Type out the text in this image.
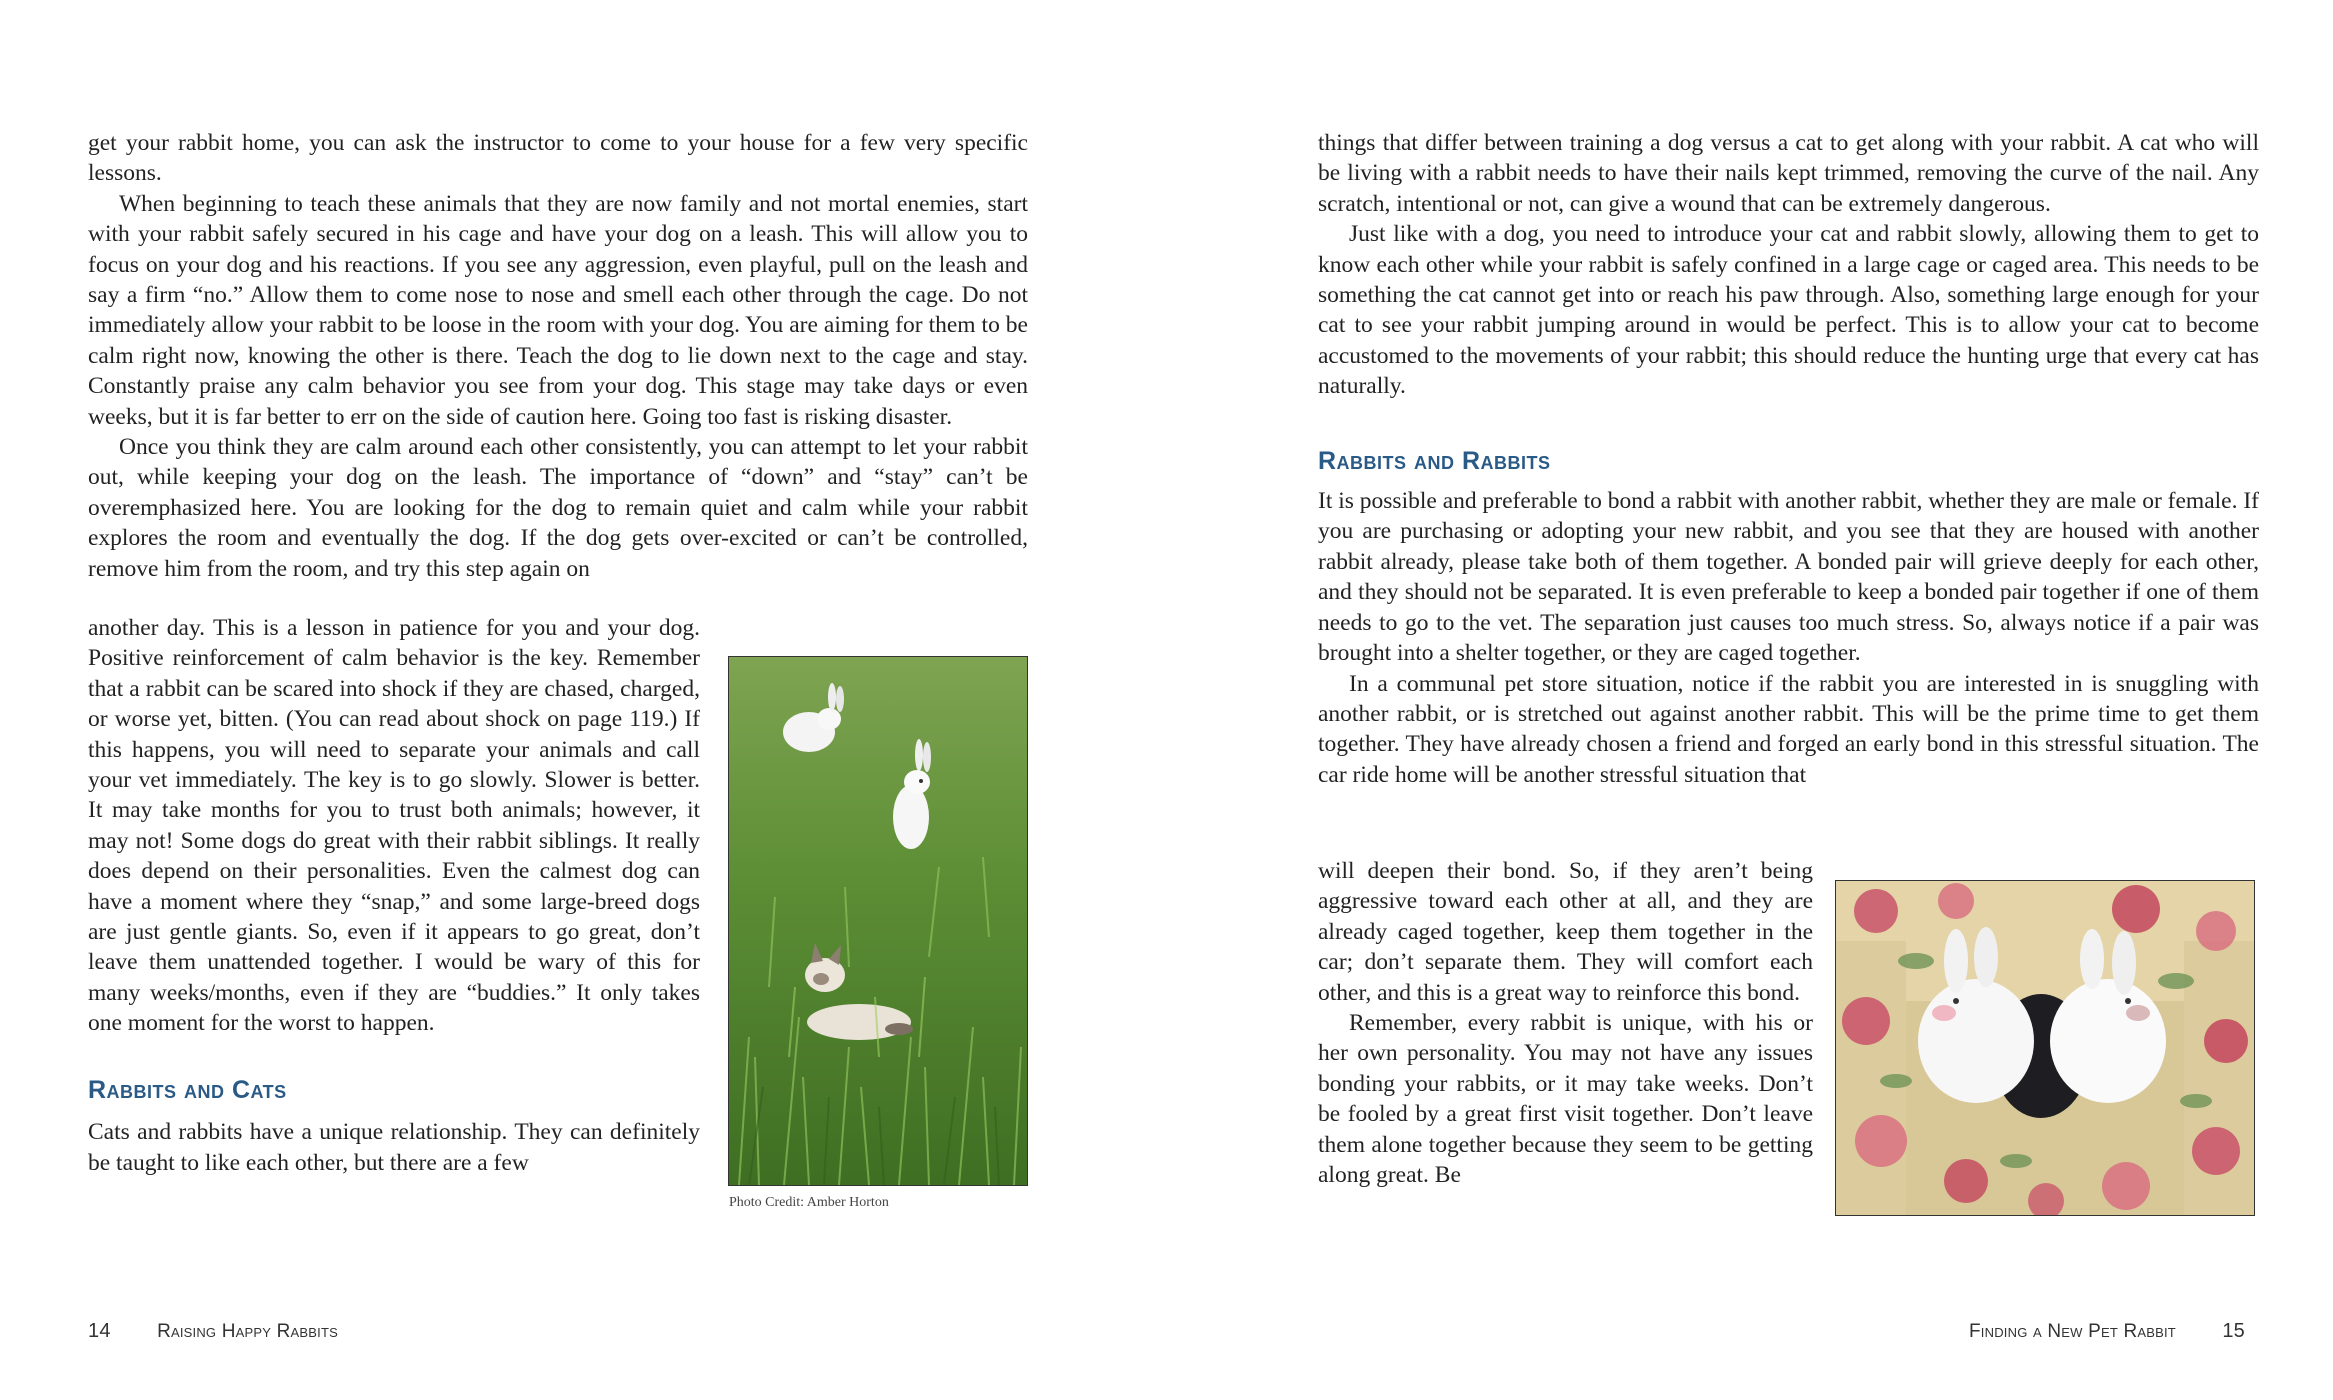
get your rabbit home, you can ask the instructor to come to your house for a few very specific lessons.

When beginning to teach these animals that they are now family and not mortal enemies, start with your rabbit safely secured in his cage and have your dog on a leash. This will allow you to focus on your dog and his reactions. If you see any aggression, even playful, pull on the leash and say a firm “no.” Allow them to come nose to nose and smell each other through the cage. Do not immediately allow your rabbit to be loose in the room with your dog. You are aiming for them to be calm right now, knowing the other is there. Teach the dog to lie down next to the cage and stay. Constantly praise any calm behavior you see from your dog. This stage may take days or even weeks, but it is far better to err on the side of caution here. Going too fast is risking disaster.

Once you think they are calm around each other consistently, you can attempt to let your rabbit out, while keeping your dog on the leash. The importance of “down” and “stay” can’t be overemphasized here. You are looking for the dog to remain quiet and calm while your rabbit explores the room and eventually the dog. If the dog gets over-excited or can’t be controlled, remove him from the room, and try this step again on

another day. This is a lesson in patience for you and your dog. Positive reinforcement of calm behavior is the key. Remember that a rabbit can be scared into shock if they are chased, charged, or worse yet, bitten. (You can read about shock on page 119.) If this happens, you will need to separate your animals and call your vet immediately. The key is to go slowly. Slower is better. It may take months for you to trust both animals; however, it may not! Some dogs do great with their rabbit siblings. It really does depend on their personalities. Even the calmest dog can have a moment where they “snap,” and some large-breed dogs are just gentle giants. So, even if it appears to go great, don’t leave them unattended together. I would be wary of this for many weeks/months, even if they are “buddies.” It only takes one moment for the worst to happen.

Rabbits and Cats

Cats and rabbits have a unique relationship. They can definitely be taught to like each other, but there are a few

Photo Credit: Amber Horton
14 Raising Happy Rabbits

things that differ between training a dog versus a cat to get along with your rabbit. A cat who will be living with a rabbit needs to have their nails kept trimmed, removing the curve of the nail. Any scratch, intentional or not, can give a wound that can be extremely dangerous.

Just like with a dog, you need to introduce your cat and rabbit slowly, allowing them to get to know each other while your rabbit is safely confined in a large cage or caged area. This needs to be something the cat cannot get into or reach his paw through. Also, something large enough for your cat to see your rabbit jumping around in would be perfect. This is to allow your cat to become accustomed to the movements of your rabbit; this should reduce the hunting urge that every cat has naturally.

Rabbits and Rabbits

It is possible and preferable to bond a rabbit with another rabbit, whether they are male or female. If you are purchasing or adopting your new rabbit, and you see that they are housed with another rabbit already, please take both of them together. A bonded pair will grieve deeply for each other, and they should not be separated. It is even preferable to keep a bonded pair together if one of them needs to go to the vet. The separation just causes too much stress. So, always notice if a pair was brought into a shelter together, or they are caged together.

In a communal pet store situation, notice if the rabbit you are interested in is snuggling with another rabbit, or is stretched out against another rabbit. This will be the prime time to get them together. They have already chosen a friend and forged an early bond in this stressful situation. The car ride home will be another stressful situation that

will deepen their bond. So, if they aren’t being aggressive toward each other at all, and they are already caged together, keep them together in the car; don’t separate them. They will comfort each other, and this is a great way to reinforce this bond.

Remember, every rabbit is unique, with his or her own personality. You may not have any issues bonding your rabbits, or it may take weeks. Don’t be fooled by a great first visit together. Don’t leave them alone together because they seem to be getting along great. Be

Finding a New Pet Rabbit 15
